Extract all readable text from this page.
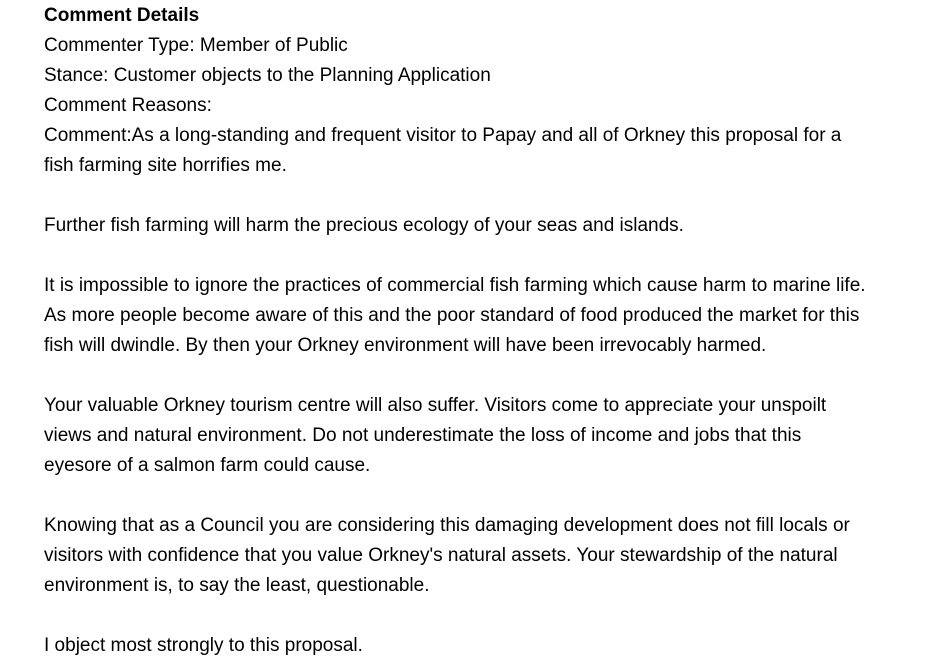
Comment Details

Commenter Type: Member of Public

Stance: Customer objects to the Planning Application

Comment Reasons:

Comment:As a long-standing and frequent visitor to Papay and all of Orkney this proposal for a

fish farming site horrifies me.

Further fish farming will harm the precious ecology of your seas and islands.

It is impossible to ignore the practices of commercial fish farming which cause harm to marine life.

As more people become aware of this and the poor standard of food produced the market for this

fish will dwindle. By then your Orkney environment will have been irrevocably harmed.

Your valuable Orkney tourism centre will also suffer. Visitors come to appreciate your unspoilt

views and natural environment. Do not underestimate the loss of income and jobs that this

eyesore of a salmon farm could cause.

Knowing that as a Council you are considering this damaging development does not fill locals or

visitors with confidence that you value Orkney's natural assets. Your stewardship of the natural

environment is, to say the least, questionable.

I object most strongly to this proposal.
